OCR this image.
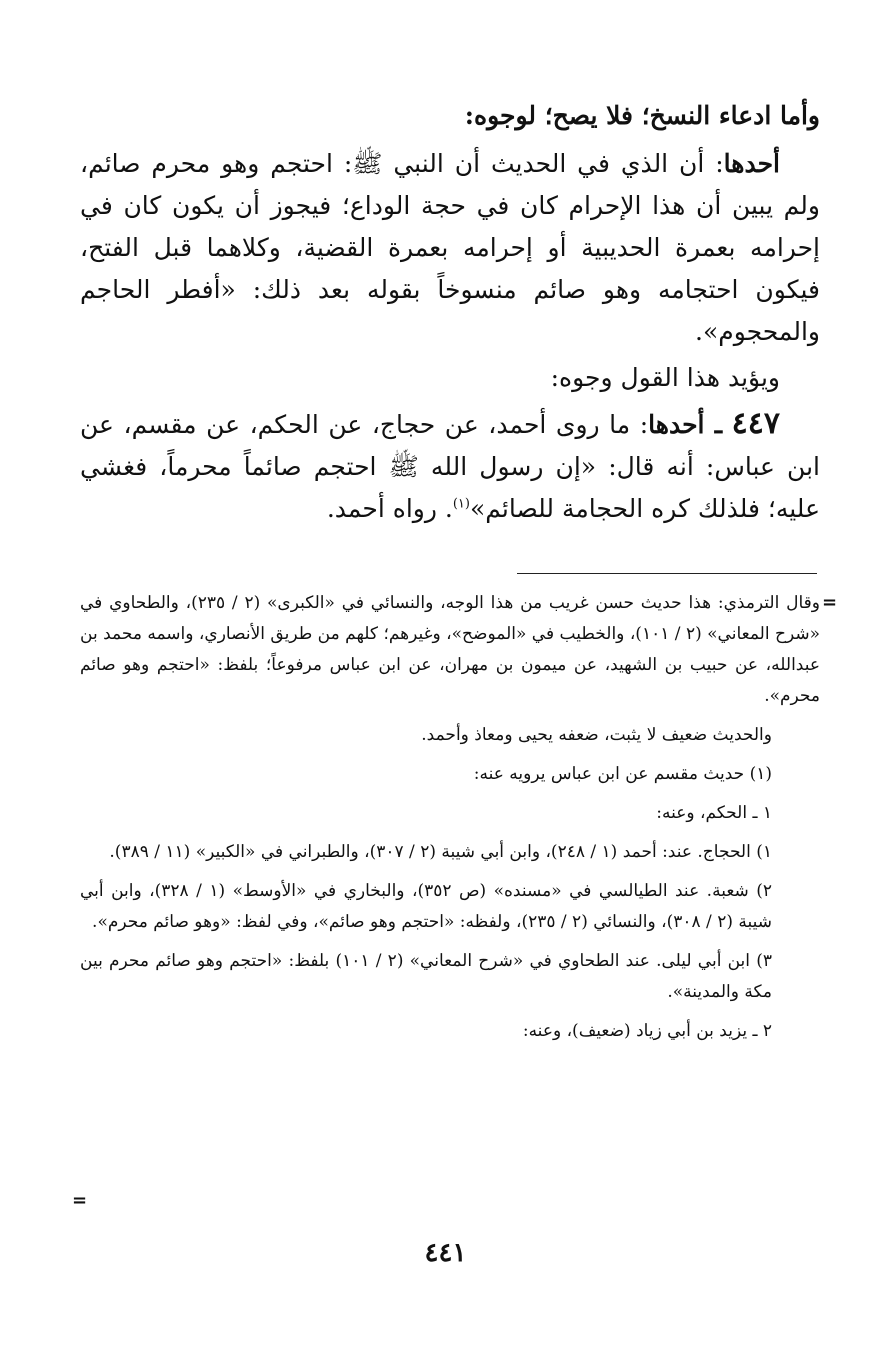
وأما ادعاء النسخ؛ فلا يصح؛ لوجوه:

أحدها: أن الذي في الحديث أن النبي ﷺ: احتجم وهو محرم صائم، ولم يبين أن هذا الإحرام كان في حجة الوداع؛ فيجوز أن يكون كان في إحرامه بعمرة الحديبية أو إحرامه بعمرة القضية، وكلاهما قبل الفتح، فيكون احتجامه وهو صائم منسوخاً بقوله بعد ذلك: «أفطر الحاجم والمحجوم».

ويؤيد هذا القول وجوه:

٤٤٧ ـ أحدها: ما روى أحمد، عن حجاج، عن الحكم، عن مقسم، عن ابن عباس: أنه قال: «إن رسول الله ﷺ احتجم صائماً محرماً، فغشي عليه؛ فلذلك كره الحجامة للصائم»$^{(١)}$. رواه أحمد.

=

وقال الترمذي: هذا حديث حسن غريب من هذا الوجه، والنسائي في «الكبرى» (٢ / ٢٣٥)، والطحاوي في «شرح المعاني» (٢ / ١٠١)، والخطيب في «الموضح»، وغيرهم؛ كلهم من طريق الأنصاري، واسمه محمد بن عبدالله، عن حبيب بن الشهيد، عن ميمون بن مهران، عن ابن عباس مرفوعاً؛ بلفظ: «احتجم وهو صائم محرم».

والحديث ضعيف لا يثبت، ضعفه يحيى ومعاذ وأحمد.

(١) حديث مقسم عن ابن عباس يرويه عنه:

١ ـ الحكم، وعنه:

١) الحجاج. عند: أحمد (١ / ٢٤٨)، وابن أبي شيبة (٢ / ٣٠٧)، والطبراني في «الكبير» (١١ / ٣٨٩).

٢) شعبة. عند الطيالسي في «مسنده» (ص ٣٥٢)، والبخاري في «الأوسط» (١ / ٣٢٨)، وابن أبي شيبة (٢ / ٣٠٨)، والنسائي (٢ / ٢٣٥)، ولفظه: «احتجم وهو صائم»، وفي لفظ: «وهو صائم محرم».

٣) ابن أبي ليلى. عند الطحاوي في «شرح المعاني» (٢ / ١٠١) بلفظ: «احتجم وهو صائم محرم بين مكة والمدينة».

٢ ـ يزيد بن أبي زياد (ضعيف)، وعنه:

=
٤٤١
